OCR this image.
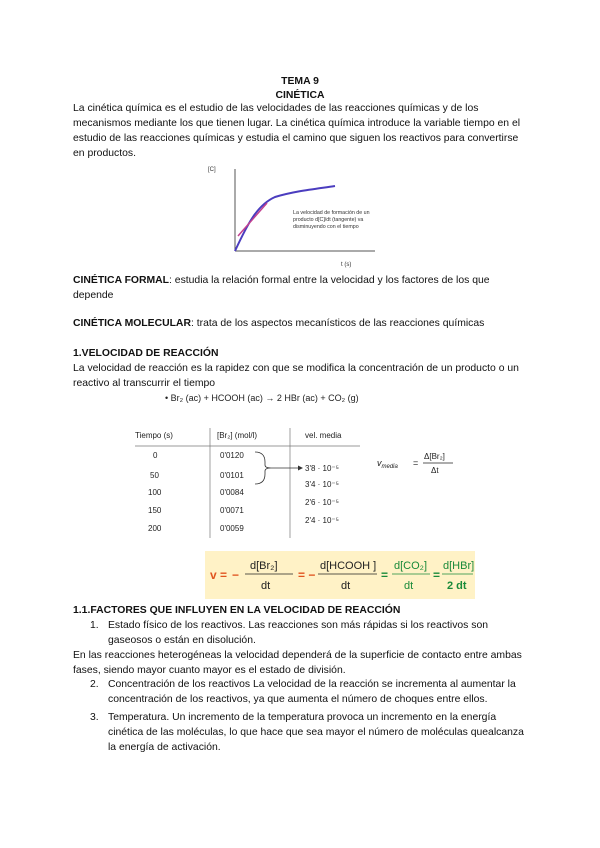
TEMA 9
CINÉTICA

La cinética química es el estudio de las velocidades de las reacciones químicas y de los mecanismos mediante los que tienen lugar. La cinética química introduce la variable tiempo en el estudio de las reacciones químicas y estudia el camino que siguen los reactivos para convertirse en productos.

[C]
La velocidad de formación de un
producto d[C]/dt (tangente) va
disminuyendo con el tiempo
t (s)

CINÉTICA FORMAL: estudia la relación formal entre la velocidad y los factores de los que depende

CINÉTICA MOLECULAR: trata de los aspectos mecanísticos de las reacciones químicas

1.VELOCIDAD DE REACCIÓN

La velocidad de reacción es la rapidez con que se modifica la concentración de un producto o un reactivo al transcurrir el tiempo

• Br₂ (ac) + HCOOH (ac) → 2 HBr (ac) + CO₂ (g)
Tiempo (s)	[Br₂] (mol/l)	vel. media
0
50
100
150
200
0'0120
0'0101
0'0084
0'0071
0'0059
3'8 · 10⁻⁵
3'4 · 10⁻⁵
2'6 · 10⁻⁵
2'4 · 10⁻⁵
$v_{media}$ =
Δ[Br₂]
Δt
v = −
d[Br₂]
dt
= −
d[HCOOH ]
dt
=
d[CO₂]
dt
=
d[HBr]
2 dt
1.1.FACTORES QUE INFLUYEN EN LA VELOCIDAD DE REACCIÓN
1. Estado físico de los reactivos. Las reacciones son más rápidas si los reactivos son gaseosos o están en disolución.

En las reacciones heterogéneas la velocidad dependerá de la superficie de contacto entre ambas fases, siendo mayor cuanto mayor es el estado de división.

2. Concentración de los reactivos La velocidad de la reacción se incrementa al aumentar la concentración de los reactivos, ya que aumenta el número de choques entre ellos.
3. Temperatura. Un incremento de la temperatura provoca un incremento en la energía cinética de las moléculas, lo que hace que sea mayor el número de moléculas quealcanza la energía de activación.
